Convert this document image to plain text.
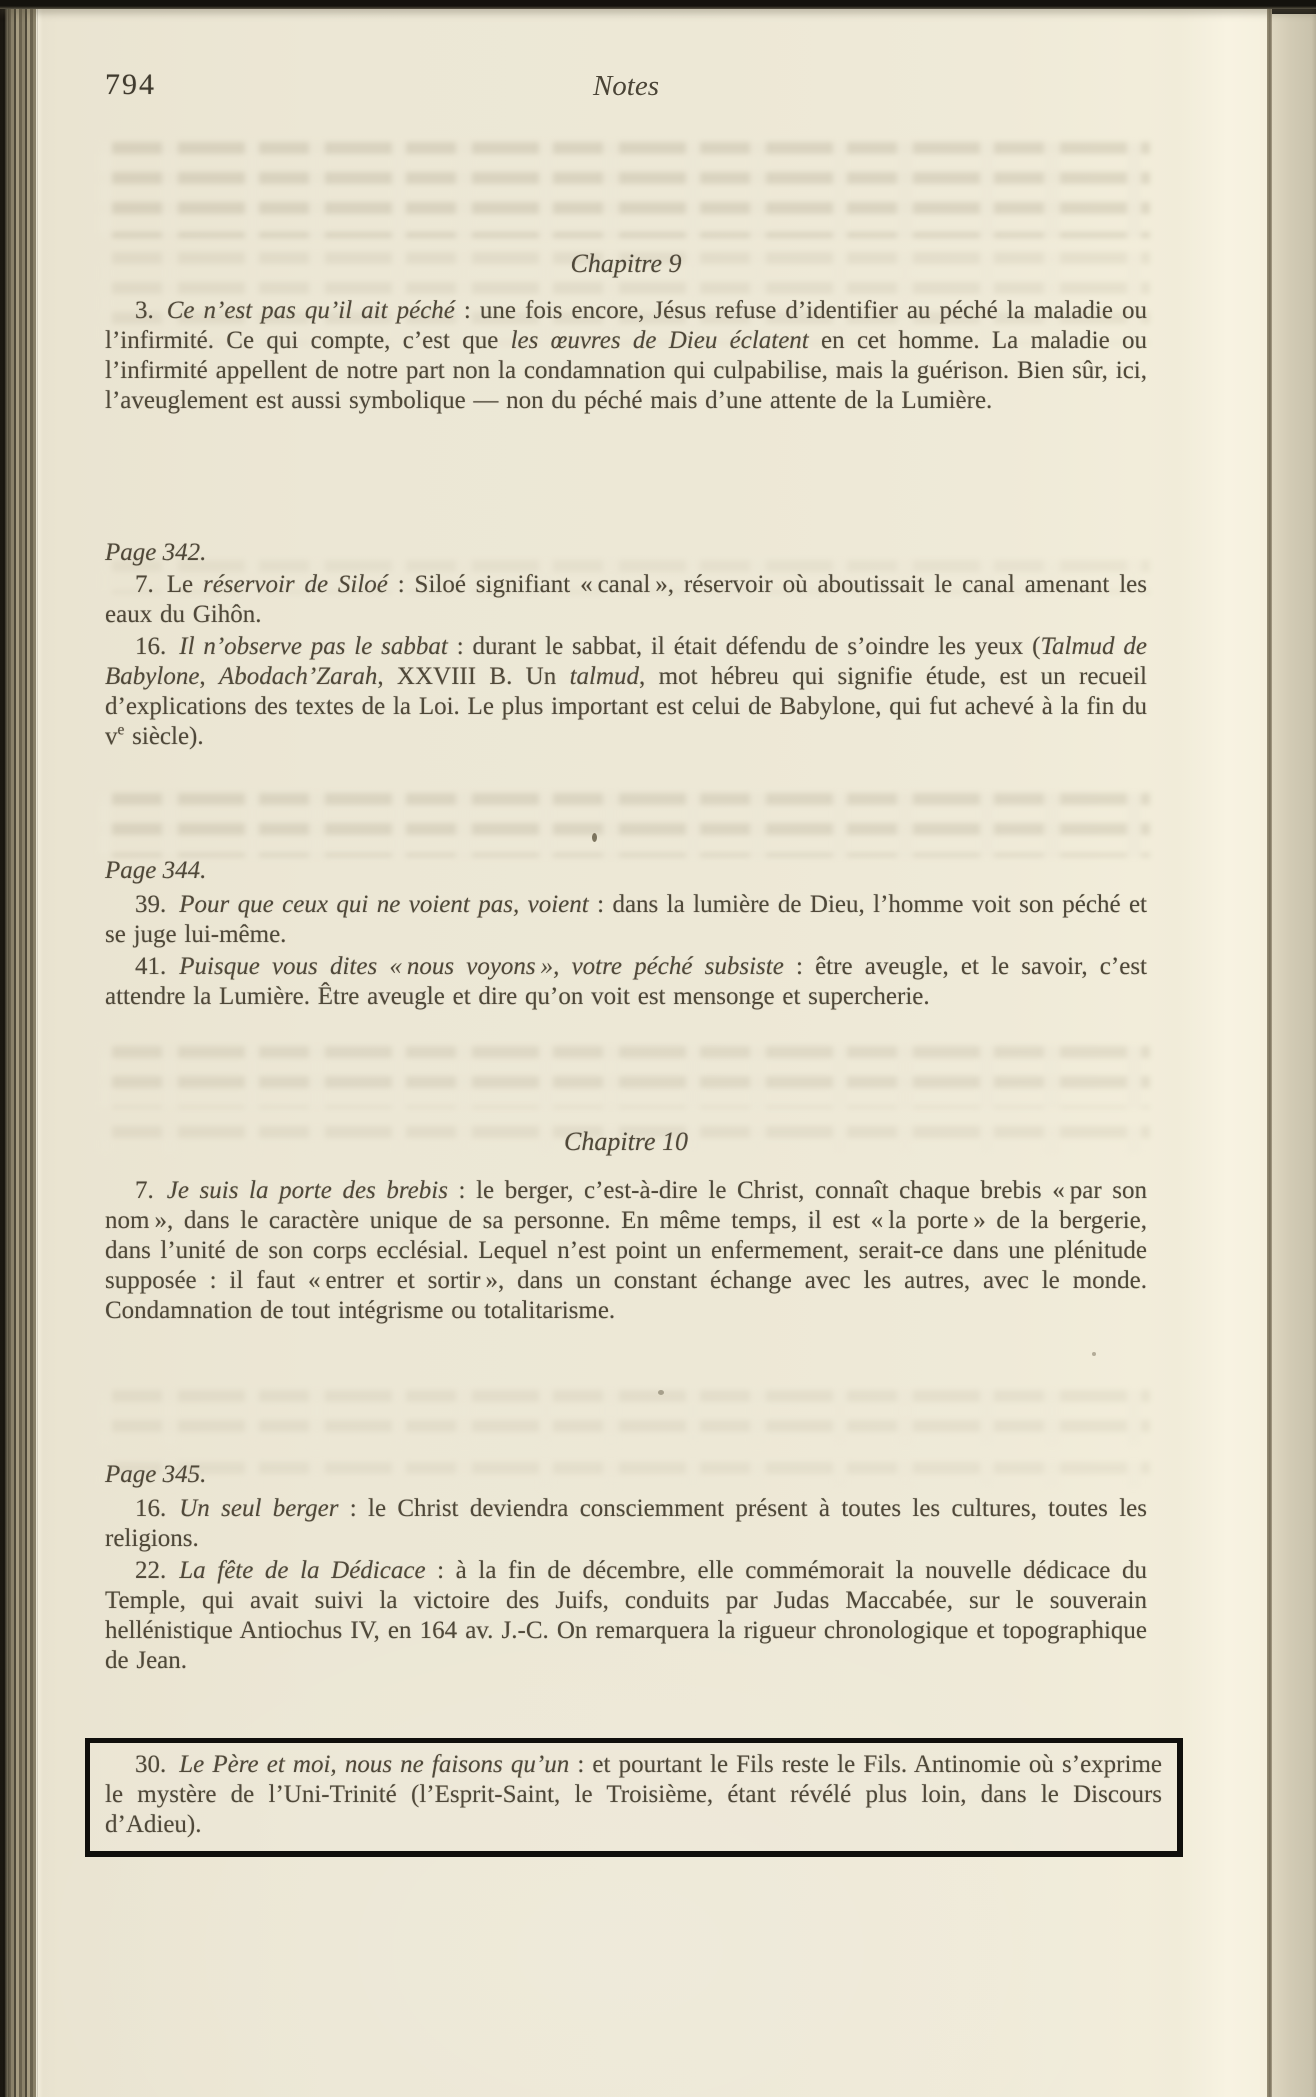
794	Notes
Chapitre 9

3. Ce n’est pas qu’il ait péché : une fois encore, Jésus refuse d’identifier au péché la maladie ou l’infirmité. Ce qui compte, c’est que les œuvres de Dieu éclatent en cet homme. La maladie ou l’infirmité appellent de notre part non la condamnation qui culpabilise, mais la guérison. Bien sûr, ici, l’aveuglement est aussi symbolique — non du péché mais d’une attente de la Lumière.

Page 342.

7. Le réservoir de Siloé : Siloé signifiant « canal », réservoir où aboutissait le canal amenant les eaux du Gihôn.

16. Il n’observe pas le sabbat : durant le sabbat, il était défendu de s’oindre les yeux (Talmud de Babylone, Abodach’Zarah, XXVIII B. Un talmud, mot hébreu qui signifie étude, est un recueil d’explications des textes de la Loi. Le plus important est celui de Babylone, qui fut achevé à la fin du $v^e$ siècle).

Page 344.

39. Pour que ceux qui ne voient pas, voient : dans la lumière de Dieu, l’homme voit son péché et se juge lui-même.

41. Puisque vous dites « nous voyons », votre péché subsiste : être aveugle, et le savoir, c’est attendre la Lumière. Être aveugle et dire qu’on voit est mensonge et supercherie.

Chapitre 10

7. Je suis la porte des brebis : le berger, c’est-à-dire le Christ, connaît chaque brebis « par son nom », dans le caractère unique de sa personne. En même temps, il est « la porte » de la bergerie, dans l’unité de son corps ecclésial. Lequel n’est point un enfermement, serait-ce dans une plénitude supposée : il faut « entrer et sortir », dans un constant échange avec les autres, avec le monde. Condamnation de tout intégrisme ou totalitarisme.

Page 345.

16. Un seul berger : le Christ deviendra consciemment présent à toutes les cultures, toutes les religions.

22. La fête de la Dédicace : à la fin de décembre, elle commémorait la nouvelle dédicace du Temple, qui avait suivi la victoire des Juifs, conduits par Judas Maccabée, sur le souverain hellénistique Antiochus IV, en 164 av. J.-C. On remarquera la rigueur chronologique et topographique de Jean.

30. Le Père et moi, nous ne faisons qu’un : et pourtant le Fils reste le Fils. Antinomie où s’exprime le mystère de l’Uni-Trinité (l’Esprit-Saint, le Troisième, étant révélé plus loin, dans le Discours d’Adieu).
